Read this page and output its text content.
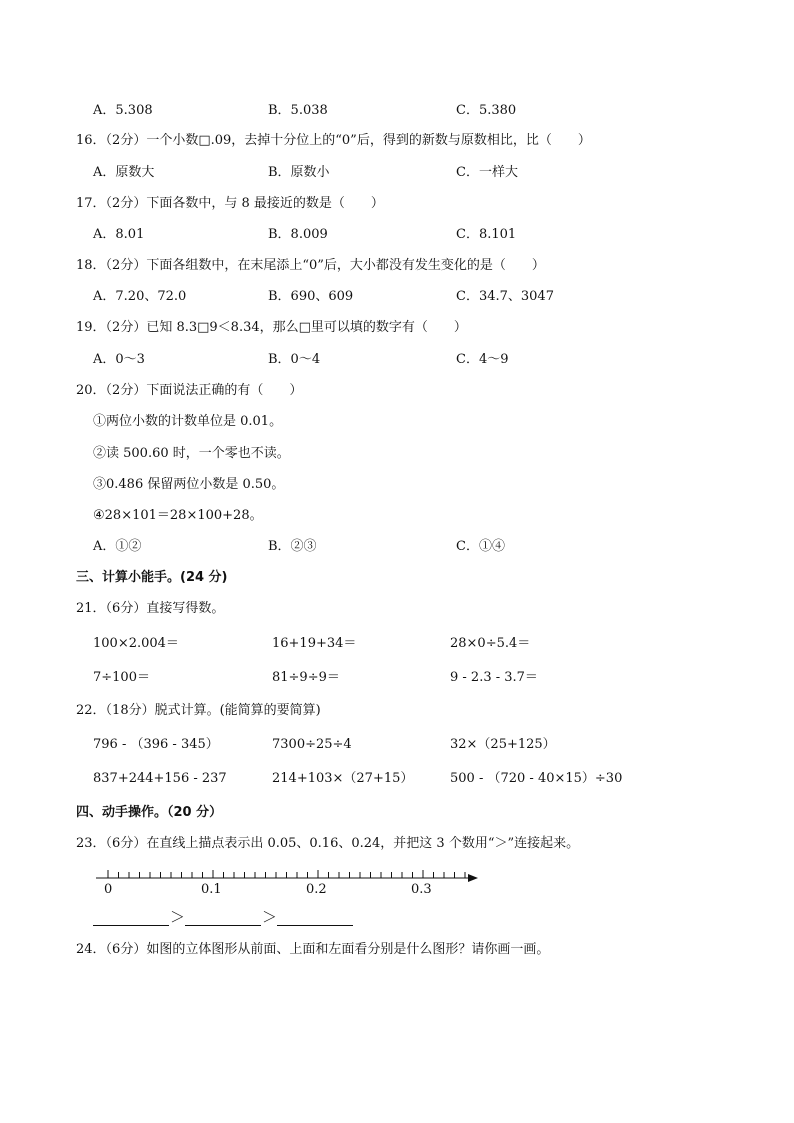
A．5.308	B．5.038	C．5.380
16．（2分）一个小数□.09，去掉十分位上的“0”后，得到的新数与原数相比，比（　　）
A．原数大	B．原数小	C．一样大
17．（2分）下面各数中，与 8 最接近的数是（　　）
A．8.01	B．8.009	C．8.101
18．（2分）下面各组数中，在末尾添上“0”后，大小都没有发生变化的是（　　）
A．7.20、72.0	B．690、609	C．34.7、3047
19．（2分）已知 8.3□9＜8.34，那么□里可以填的数字有（　　）
A．0～3	B．0～4	C．4～9
20．（2分）下面说法正确的有（　　）
①两位小数的计数单位是 0.01。
②读 500.60 时，一个零也不读。
③0.486 保留两位小数是 0.50。
④28×101＝28×100+28。
A．①②	B．②③	C．①④
三、计算小能手。(24 分)
21．（6分）直接写得数。
100×2.004＝	16+19+34＝	28×0÷5.4＝
7÷100＝	81÷9÷9＝	9 - 2.3 - 3.7＝
22．（18分）脱式计算。(能简算的要简算)
796 - （396 - 345）	7300÷25÷4	32×（25+125）
837+244+156 - 237	214+103×（27+15）	500 - （720 - 40×15）÷30
四、动手操作。（20 分）
23．（6分）在直线上描点表示出 0.05、0.16、0.24，并把这 3 个数用“＞”连接起来。
0	0.1	0.2	0.3
＞	＞
24．（6分）如图的立体图形从前面、上面和左面看分别是什么图形？请你画一画。
